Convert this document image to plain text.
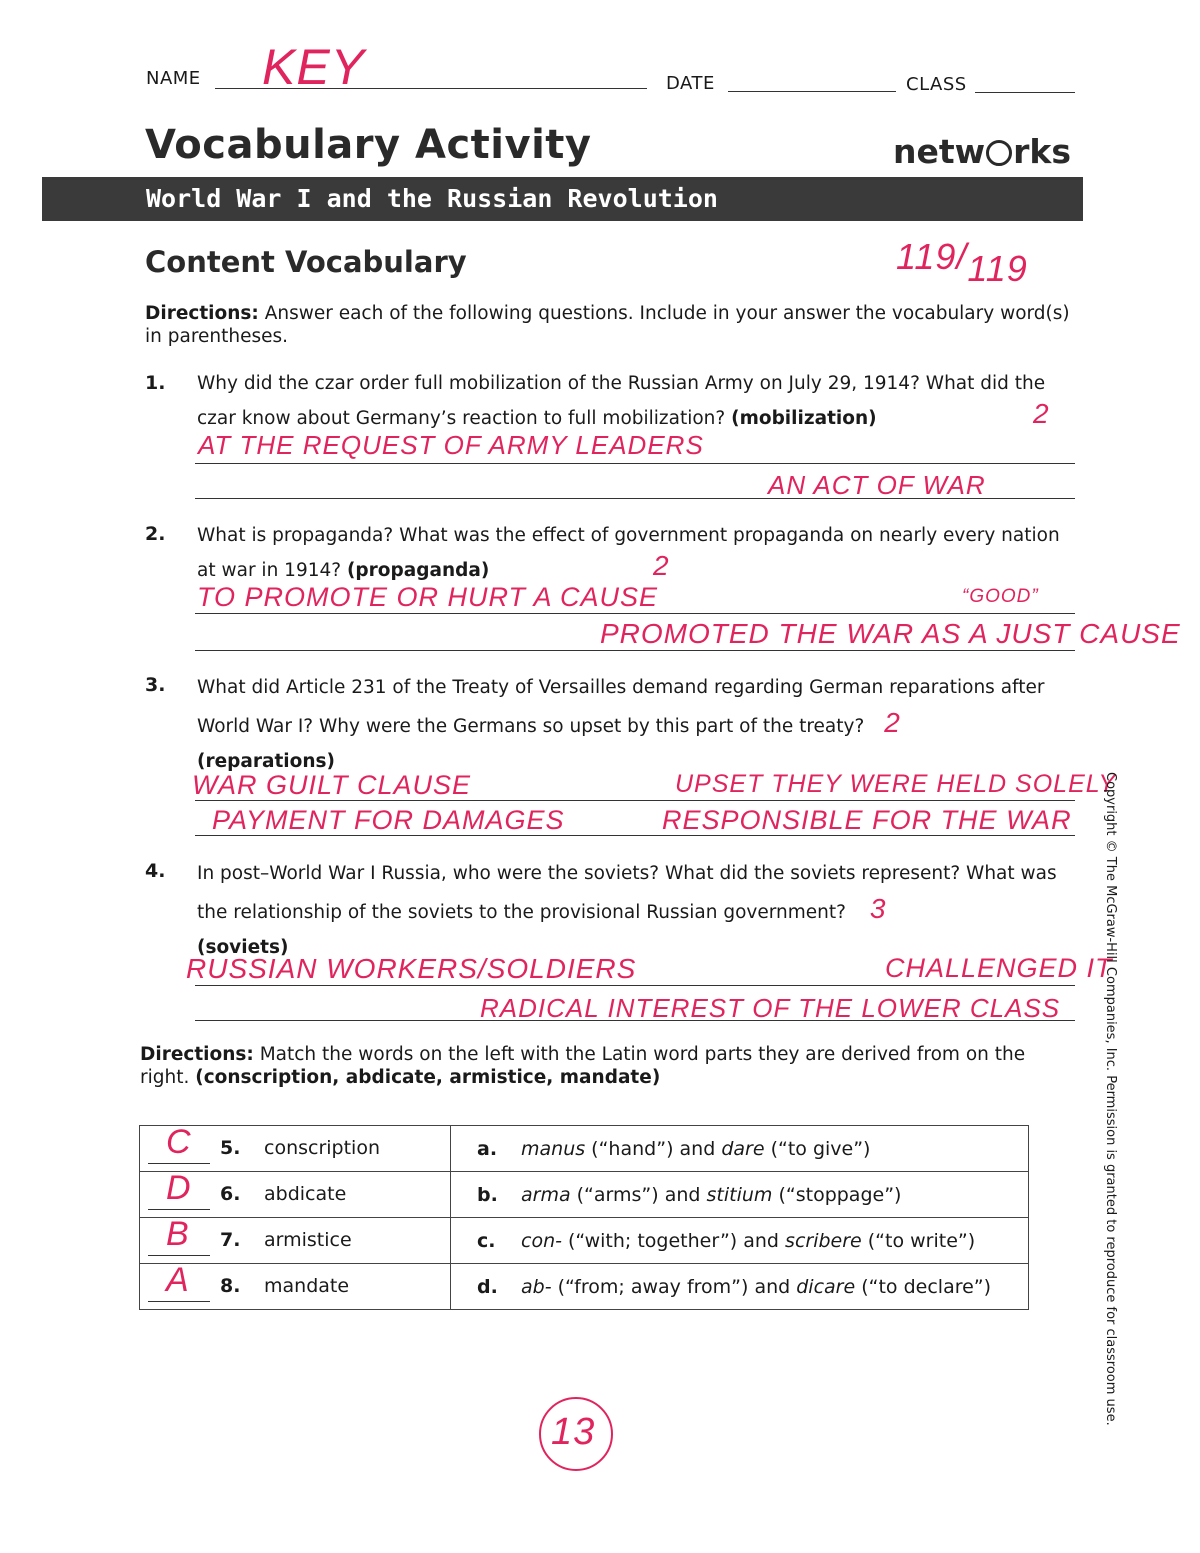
NAME KEY	DATE	CLASS
Vocabulary Activity	netw rks
World War I and the Russian Revolution
Content Vocabulary	119/119
Directions: Answer each of the following questions. Include in your answer the vocabulary word(s) in parentheses.
1. Why did the czar order full mobilization of the Russian Army on July 29, 1914? What did the czar know about Germany’s reaction to full mobilization? (mobilization)	2
AT THE REQUEST OF ARMY LEADERS
AN ACT OF WAR
2. What is propaganda? What was the effect of government propaganda on nearly every nation at war in 1914? (propaganda)	2
TO PROMOTE OR HURT A CAUSE	“GOOD”
PROMOTED THE WAR AS A JUST CAUSE
3. What did Article 231 of the Treaty of Versailles demand regarding German reparations after World War I? Why were the Germans so upset by this part of the treaty? 2
(reparations)
WAR GUILT CLAUSE	UPSET THEY WERE HELD SOLELY
PAYMENT FOR DAMAGES	RESPONSIBLE FOR THE WAR
4. In post–World War I Russia, who were the soviets? What did the soviets represent? What was the relationship of the soviets to the provisional Russian government? 3
(soviets)
RUSSIAN WORKERS/SOLDIERS	CHALLENGED IT
RADICAL INTEREST OF THE LOWER CLASS
Directions: Match the words on the left with the Latin word parts they are derived from on the right. (conscription, abdicate, armistice, mandate)
C 5. conscription	a. manus (“hand”) and dare (“to give”)

D 6. abdicate	b. arma (“arms”) and stitium (“stoppage”)

B 7. armistice	c. con- (“with; together”) and scribere (“to write”)

A 8. mandate	d. ab- (“from; away from”) and dicare (“to declare”)
13
Copyright © The McGraw-Hill Companies, Inc. Permission is granted to reproduce for classroom use.
